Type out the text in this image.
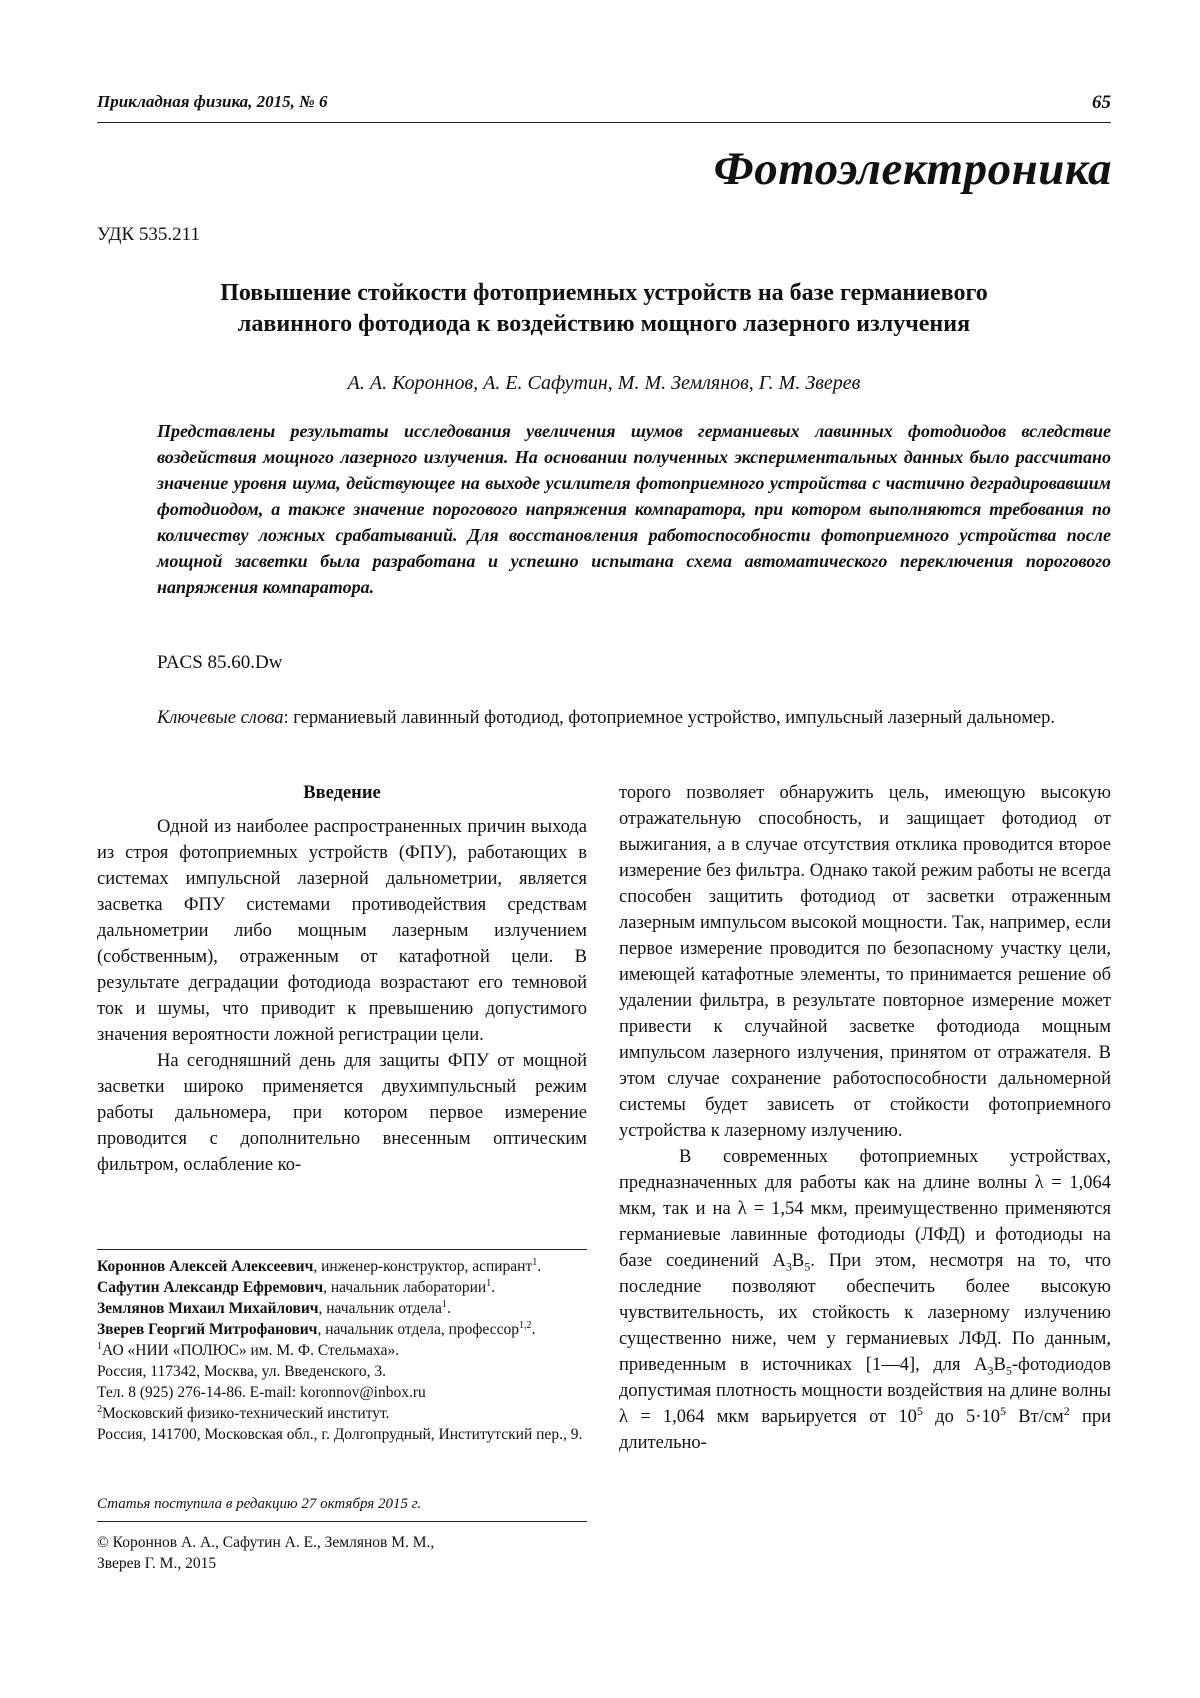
Прикладная физика, 2015, № 6	65
Фотоэлектроника
УДК 535.211
Повышение стойкости фотоприемных устройств на базе германиевого
лавинного фотодиода к воздействию мощного лазерного излучения
А. А. Короннов, А. Е. Сафутин, М. М. Землянов, Г. М. Зверев

Представлены результаты исследования увеличения шумов германиевых лавинных фотодиодов вследствие воздействия мощного лазерного излучения. На основании полученных экспериментальных данных было рассчитано значение уровня шума, действующее на выходе усилителя фотоприемного устройства с частично деградировавшим фотодиодом, а также значение порогового напряжения компаратора, при котором выполняются требования по количеству ложных срабатываний. Для восстановления работоспособности фотоприемного устройства после мощной засветки была разработана и успешно испытана схема автоматического переключения порогового напряжения компаратора.

PACS 85.60.Dw

Ключевые слова: германиевый лавинный фотодиод, фотоприемное устройство, импульсный лазерный дальномер.

Введение

Одной из наиболее распространенных причин выхода из строя фотоприемных устройств (ФПУ), работающих в системах импульсной лазерной дальнометрии, является засветка ФПУ системами противодействия средствам дальнометрии либо мощным лазерным излучением (собственным), отраженным от катафотной цели. В результате деградации фотодиода возрастают его темновой ток и шумы, что приводит к превышению допустимого значения вероятности ложной регистрации цели.

На сегодняшний день для защиты ФПУ от мощной засветки широко применяется двухимпульсный режим работы дальномера, при котором первое измерение проводится с дополнительно внесенным оптическим фильтром, ослабление ко-

торого позволяет обнаружить цель, имеющую высокую отражательную способность, и защищает фотодиод от выжигания, а в случае отсутствия отклика проводится второе измерение без фильтра. Однако такой режим работы не всегда способен защитить фотодиод от засветки отраженным лазерным импульсом высокой мощности. Так, например, если первое измерение проводится по безопасному участку цели, имеющей катафотные элементы, то принимается решение об удалении фильтра, в результате повторное измерение может привести к случайной засветке фотодиода мощным импульсом лазерного излучения, принятом от отражателя. В этом случае сохранение работоспособности дальномерной системы будет зависеть от стойкости фотоприемного устройства к лазерному излучению.

В современных фотоприемных устройствах, предназначенных для работы как на длине волны λ = 1,064 мкм, так и на λ = 1,54 мкм, преимущественно применяются германиевые лавинные фотодиоды (ЛФД) и фотодиоды на базе соединений $А_3В_5$. При этом, несмотря на то, что последние позволяют обеспечить более высокую чувствительность, их стойкость к лазерному излучению существенно ниже, чем у германиевых ЛФД. По данным, приведенным в источниках [1—4], для $А_3В_5$-фотодиодов допустимая плотность мощности воздействия на длине волны λ = 1,064 мкм варьируется от $10^5$ до $5\cdot 10^5$ $Вт/см^2$ при длительно-

Короннов Алексей Алексеевич, инженер-конструктор, аспирант$^1$.

Сафутин Александр Ефремович, начальник лаборатории$^1$.

Землянов Михаил Михайлович, начальник отдела$^1$.

Зверев Георгий Митрофанович, начальник отдела, профессор$^{1,2}$.

$^1$АО «НИИ «ПОЛЮС» им. М. Ф. Стельмаха».

Россия, 117342, Москва, ул. Введенского, 3.

Тел. 8 (925) 276-14-86. E-mail: koronnov@inbox.ru

$^2$Московский физико-технический институт.

Россия, 141700, Московская обл., г. Долгопрудный, Институтский пер., 9.

Статья поступила в редакцию 27 октября 2015 г.
© Короннов А. А., Сафутин А. Е., Землянов М. М.,
Зверев Г. М., 2015
